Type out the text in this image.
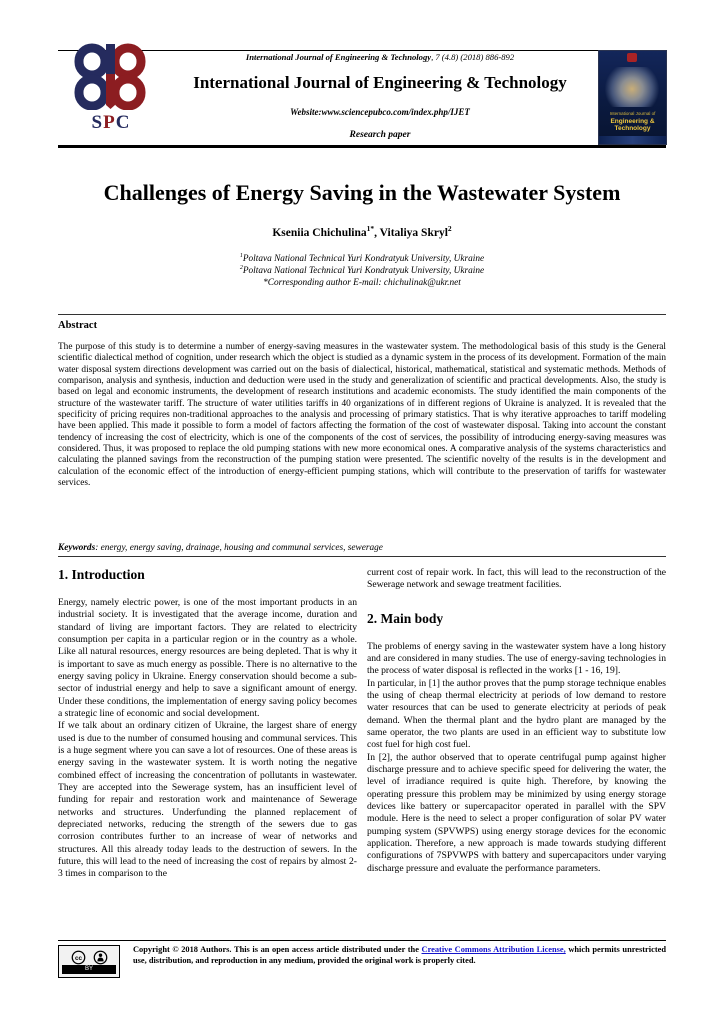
SPC
International Journal of Engineering & Technology, 7 (4.8) (2018) 886-892
International Journal of Engineering & Technology
Website:www.sciencepubco.com/index.php/IJET
Research paper
International Journal of
Engineering & Technology
Challenges of Energy Saving in the Wastewater System
Kseniia Chichulina$^{1*}$, Vitaliya Skryl$^2$
$^1$Poltava National Technical Yuri Kondratyuk University, Ukraine
$^2$Poltava National Technical Yuri Kondratyuk University, Ukraine
*Corresponding author E-mail: chichulinak@ukr.net
Abstract
The purpose of this study is to determine a number of energy-saving measures in the wastewater system. The methodological basis of this study is the General scientific dialectical method of cognition, under research which the object is studied as a dynamic system in the process of its development. Formation of the main water disposal system directions development was carried out on the basis of dialectical, historical, mathematical, statistical and systematic methods. Methods of comparison, analysis and synthesis, induction and deduction were used in the study and generalization of scientific and practical developments. Also, the study is based on legal and economic instruments, the development of research institutions and academic economists. The study identified the main components of the structure of the wastewater tariff. The structure of water utilities tariffs in 40 organizations of in different regions of Ukraine is analyzed. It is revealed that the specificity of pricing requires non-traditional approaches to the analysis and processing of primary statistics. That is why iterative approaches to tariff modeling have been applied. This made it possible to form a model of factors affecting the formation of the cost of wastewater disposal. Taking into account the constant tendency of increasing the cost of electricity, which is one of the components of the cost of services, the possibility of introducing energy-saving measures was considered. Thus, it was proposed to replace the old pumping stations with new more economical ones. A comparative analysis of the systems characteristics and calculating the planned savings from the reconstruction of the pumping station were presented. The scientific novelty of the results is in the development and calculation of the economic effect of the introduction of energy-efficient pumping stations, which will contribute to the preservation of tariffs for wastewater services.
Keywords: energy, energy saving, drainage, housing and communal services, sewerage
1. Introduction

Energy, namely electric power, is one of the most important products in an industrial society. It is investigated that the average income, duration and standard of living are important factors. They are related to electricity consumption per capita in a particular region or in the country as a whole. Like all natural resources, energy resources are being depleted. That is why it is important to save as much energy as possible. There is no alternative to the energy saving policy in Ukraine. Energy conservation should become a sub-sector of industrial energy and help to save a significant amount of energy. Under these conditions, the implementation of energy saving policy becomes a strategic line of economic and social development.

If we talk about an ordinary citizen of Ukraine, the largest share of energy used is due to the number of consumed housing and communal services. This is a huge segment where you can save a lot of resources. One of these areas is energy saving in the wastewater system. It is worth noting the negative combined effect of increasing the concentration of pollutants in wastewater. They are accepted into the Sewerage system, has an insufficient level of funding for repair and restoration work and maintenance of Sewerage networks and structures. Underfunding the planned replacement of depreciated networks, reducing the strength of the sewers due to gas corrosion contributes further to an increase of wear of networks and structures. All this already today leads to the destruction of sewers. In the future, this will lead to the need of increasing the cost of repairs by almost 2-3 times in comparison to the

current cost of repair work. In fact, this will lead to the reconstruction of the Sewerage network and sewage treatment facilities.

2. Main body

The problems of energy saving in the wastewater system have a long history and are considered in many studies. The use of energy-saving technologies in the process of water disposal is reflected in the works [1 - 16, 19].

In particular, in [1] the author proves that the pump storage technique enables the using of cheap thermal electricity at periods of low demand to restore water resources that can be used to generate electricity at periods of peak demand. When the thermal plant and the hydro plant are managed by the same operator, the two plants are used in an efficient way to substitute low cost fuel for high cost fuel.

In [2], the author observed that to operate centrifugal pump against higher discharge pressure and to achieve specific speed for delivering the water, the level of irradiance required is quite high. Therefore, by knowing the operating pressure this problem may be minimized by using energy storage devices like battery or supercapacitor operated in parallel with the SPV module. Here is the need to select a proper configuration of solar PV water pumping system (SPVWPS) using energy storage devices for the economic application. Therefore, a new approach is made towards studying different configurations of 7SPVWPS with battery and supercapacitors under varying discharge pressure and evaluate the performance parameters.

cc
BY
Copyright © 2018 Authors. This is an open access article distributed under the Creative Commons Attribution License, which permits unrestricted use, distribution, and reproduction in any medium, provided the original work is properly cited.
